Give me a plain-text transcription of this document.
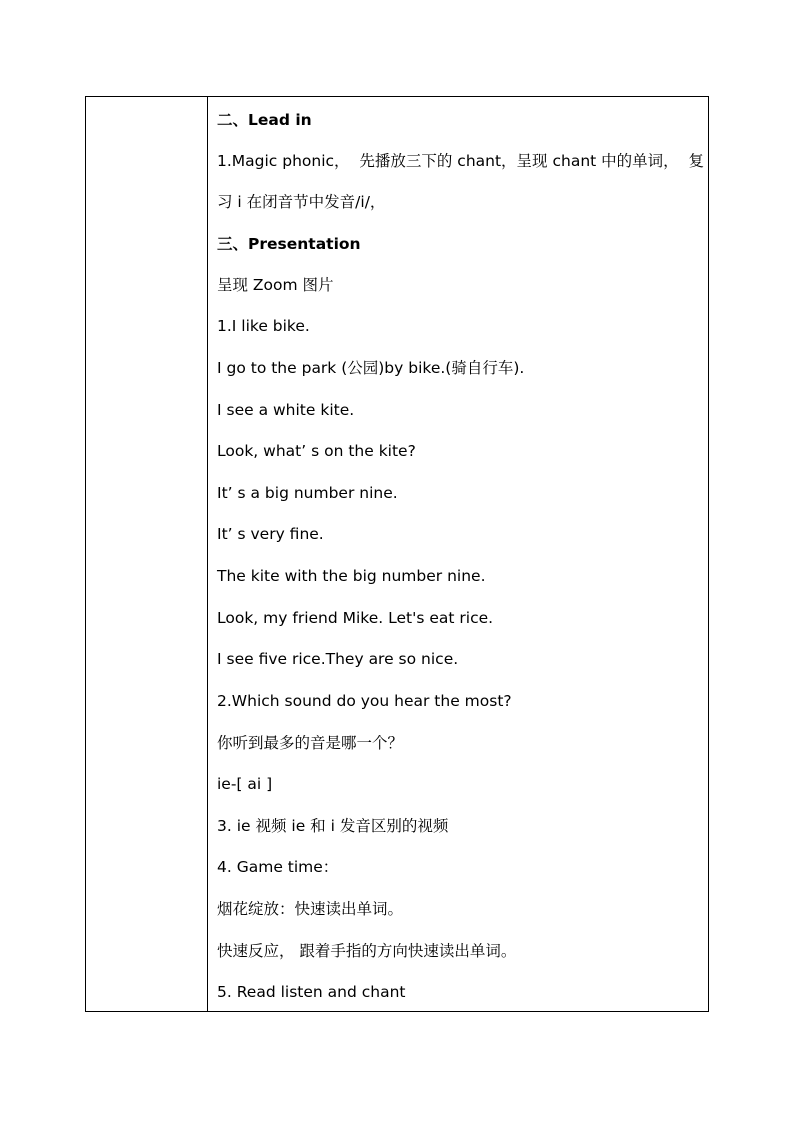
二、Lead in
1.Magic phonic， 先播放三下的 chant，呈现 chant 中的单词， 复
习 i 在闭音节中发音/i/，
三、Presentation
呈现 Zoom 图片
1.I like bike.
I go to the park (公园)by bike.(骑自行车).
I see a white kite.
Look, what’ s on the kite?
It’ s a big number nine.
It’ s very fine.
The kite with the big number nine.
Look, my friend Mike. Let's eat rice.
I see five rice.They are so nice.
2.Which sound do you hear the most?
你听到最多的音是哪一个？
ie-[ ai ]
3. ie 视频 ie 和 i 发音区别的视频
4. Game time：
烟花绽放：快速读出单词。
快速反应， 跟着手指的方向快速读出单词。
5. Read listen and chant
